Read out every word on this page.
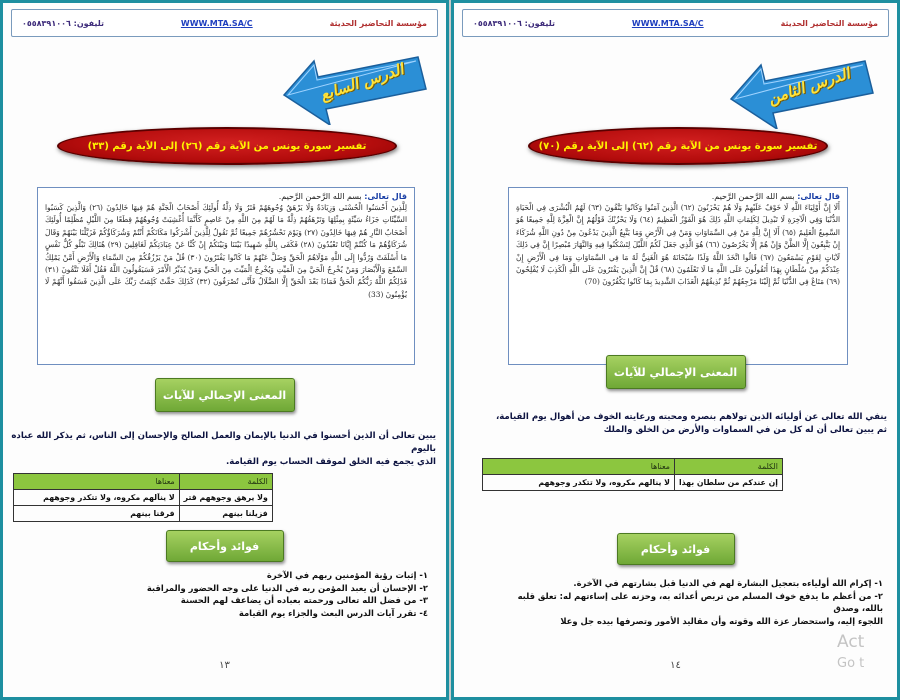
مؤسسة التحاضير الحديثة
WWW.MTA.SA/C
تليفون: ٠٥٥٨٣٩١٠٠٦
الدرس السابع
تفسير سورة يونس من الآية رقم (٢٦) إلى الآية رقم (٣٣)
قال تعالى: بسم الله الرَّحمن الرَّحيم.
لِلَّذِينَ أَحْسَنُوا الْحُسْنَى وَزِيَادَةٌ وَلَا يَرْهَقُ وُجُوهَهُمْ قَتَرٌ وَلَا ذِلَّةٌ أُولَئِكَ أَصْحَابُ الْجَنَّةِ هُمْ فِيهَا خَالِدُونَ (٢٦) وَالَّذِينَ كَسَبُوا السَّيِّئَاتِ جَزَاءُ سَيِّئَةٍ بِمِثْلِهَا وَتَرْهَقُهُمْ ذِلَّةٌ مَا لَهُمْ مِنَ اللَّهِ مِنْ عَاصِمٍ كَأَنَّمَا أُغْشِيَتْ وُجُوهُهُمْ قِطَعًا مِنَ اللَّيْلِ مُظْلِمًا أُولَئِكَ أَصْحَابُ النَّارِ هُمْ فِيهَا خَالِدُونَ (٢٧) وَيَوْمَ نَحْشُرُهُمْ جَمِيعًا ثُمَّ نَقُولُ لِلَّذِينَ أَشْرَكُوا مَكَانَكُمْ أَنْتُمْ وَشُرَكَاؤُكُمْ فَزَيَّلْنَا بَيْنَهُمْ وَقَالَ شُرَكَاؤُهُمْ مَا كُنْتُمْ إِيَّانَا تَعْبُدُونَ (٢٨) فَكَفَى بِاللَّهِ شَهِيدًا بَيْنَنَا وَبَيْنَكُمْ إِنْ كُنَّا عَنْ عِبَادَتِكُمْ لَغَافِلِينَ (٢٩) هُنَالِكَ تَبْلُو كُلُّ نَفْسٍ مَا أَسْلَفَتْ وَرُدُّوا إِلَى اللَّهِ مَوْلَاهُمُ الْحَقِّ وَضَلَّ عَنْهُمْ مَا كَانُوا يَفْتَرُونَ (٣٠) قُلْ مَنْ يَرْزُقُكُمْ مِنَ السَّمَاءِ وَالْأَرْضِ أَمَّنْ يَمْلِكُ السَّمْعَ وَالْأَبْصَارَ وَمَنْ يُخْرِجُ الْحَيَّ مِنَ الْمَيِّتِ وَيُخْرِجُ الْمَيِّتَ مِنَ الْحَيِّ وَمَنْ يُدَبِّرُ الْأَمْرَ فَسَيَقُولُونَ اللَّهُ فَقُلْ أَفَلَا تَتَّقُونَ (٣١) فَذَلِكُمُ اللَّهُ رَبُّكُمُ الْحَقُّ فَمَاذَا بَعْدَ الْحَقِّ إِلَّا الضَّلَالُ فَأَنَّى تُصْرَفُونَ (٣٢) كَذَلِكَ حَقَّتْ كَلِمَتُ رَبِّكَ عَلَى الَّذِينَ فَسَقُوا أَنَّهُمْ لَا يُؤْمِنُونَ (33)
المعنى الإجمالي للآيات
يبين تعالى أن الذين أحسنوا في الدنيا بالإيمان والعمل الصالح والإحسان إلى الناس، ثم يذكر الله عباده باليوم
الذي يجمع فيه الخلق لموقف الحساب يوم القيامة.
الكلمة	معناها
ولا يرهق وجوههم قتر	لا يناَلهم مكروه، ولا تتكدر وجوههم
فزيلنا بينهم	فرقنا بينهم
فوائد وأحكام
١- إثبات رؤية المؤمنين ربهم في الآخرة
٢- الإحسان أن يعبد المؤمن ربه في الدنيا على وجه الحضور والمراقبة
٣- من فضل الله تعالى ورحمته بعباده أن يضاعف لهم الحسنة
٤- تقرر آيات الدرس البعث والجزاء يوم القيامة
١٣
مؤسسة التحاضير الحديثة
WWW.MTA.SA/C
تليفون: ٠٥٥٨٣٩١٠٠٦
الدرس الثامن
تفسير سورة يونس من الآية رقم (٦٢) إلى الآية رقم (٧٠)
قال تعالى: بسم الله الرَّحمن الرَّحيم.
أَلَا إِنَّ أَوْلِيَاءَ اللَّهِ لَا خَوْفٌ عَلَيْهِمْ وَلَا هُمْ يَحْزَنُونَ (٦٢) الَّذِينَ آمَنُوا وَكَانُوا يَتَّقُونَ (٦٣) لَهُمُ الْبُشْرَى فِي الْحَيَاةِ الدُّنْيَا وَفِي الْآخِرَةِ لَا تَبْدِيلَ لِكَلِمَاتِ اللَّهِ ذَلِكَ هُوَ الْفَوْزُ الْعَظِيمُ (٦٤) وَلَا يَحْزُنْكَ قَوْلُهُمْ إِنَّ الْعِزَّةَ لِلَّهِ جَمِيعًا هُوَ السَّمِيعُ الْعَلِيمُ (٦٥) أَلَا إِنَّ لِلَّهِ مَنْ فِي السَّمَاوَاتِ وَمَنْ فِي الْأَرْضِ وَمَا يَتَّبِعُ الَّذِينَ يَدْعُونَ مِنْ دُونِ اللَّهِ شُرَكَاءَ إِنْ يَتَّبِعُونَ إِلَّا الظَّنَّ وَإِنْ هُمْ إِلَّا يَخْرُصُونَ (٦٦) هُوَ الَّذِي جَعَلَ لَكُمُ اللَّيْلَ لِتَسْكُنُوا فِيهِ وَالنَّهَارَ مُبْصِرًا إِنَّ فِي ذَلِكَ لَآيَاتٍ لِقَوْمٍ يَسْمَعُونَ (٦٧) قَالُوا اتَّخَذَ اللَّهُ وَلَدًا سُبْحَانَهُ هُوَ الْغَنِيُّ لَهُ مَا فِي السَّمَاوَاتِ وَمَا فِي الْأَرْضِ إِنْ عِنْدَكُمْ مِنْ سُلْطَانٍ بِهَذَا أَتَقُولُونَ عَلَى اللَّهِ مَا لَا تَعْلَمُونَ (٦٨) قُلْ إِنَّ الَّذِينَ يَفْتَرُونَ عَلَى اللَّهِ الْكَذِبَ لَا يُفْلِحُونَ (٦٩) مَتَاعٌ فِي الدُّنْيَا ثُمَّ إِلَيْنَا مَرْجِعُهُمْ ثُمَّ نُذِيقُهُمُ الْعَذَابَ الشَّدِيدَ بِمَا كَانُوا يَكْفُرُونَ (70)
المعنى الإجمالي للآيات
ينفي الله تعالى عن أوليائه الذين تولاهم بنصره ومحبته ورعايته الخوف من أهوال يوم القيامة،
ثم يبين تعالى أن له كل من في السماوات والأرض من الخلق والملك
الكلمة	معناها
إن عندكم من سلطان بهذا	لا ينالهم مكروه، ولا تتكدر وجوههم
فوائد وأحكام
١- إكرام الله أولياءه بتعجيل البشارة لهم في الدنيا قبل بشارتهم في الآخرة.
٢- من أعظم ما يدفع خوف المسلم من تربص أعدائه به، وحزنه على إساءتهم له: تعلق قلبه بالله، وصدق
اللجوء إليه، واستحضار عزة الله وقوته وأن مقاليد الأمور وتصرفها بيده جل وعلا
١٤
Act
Go t
